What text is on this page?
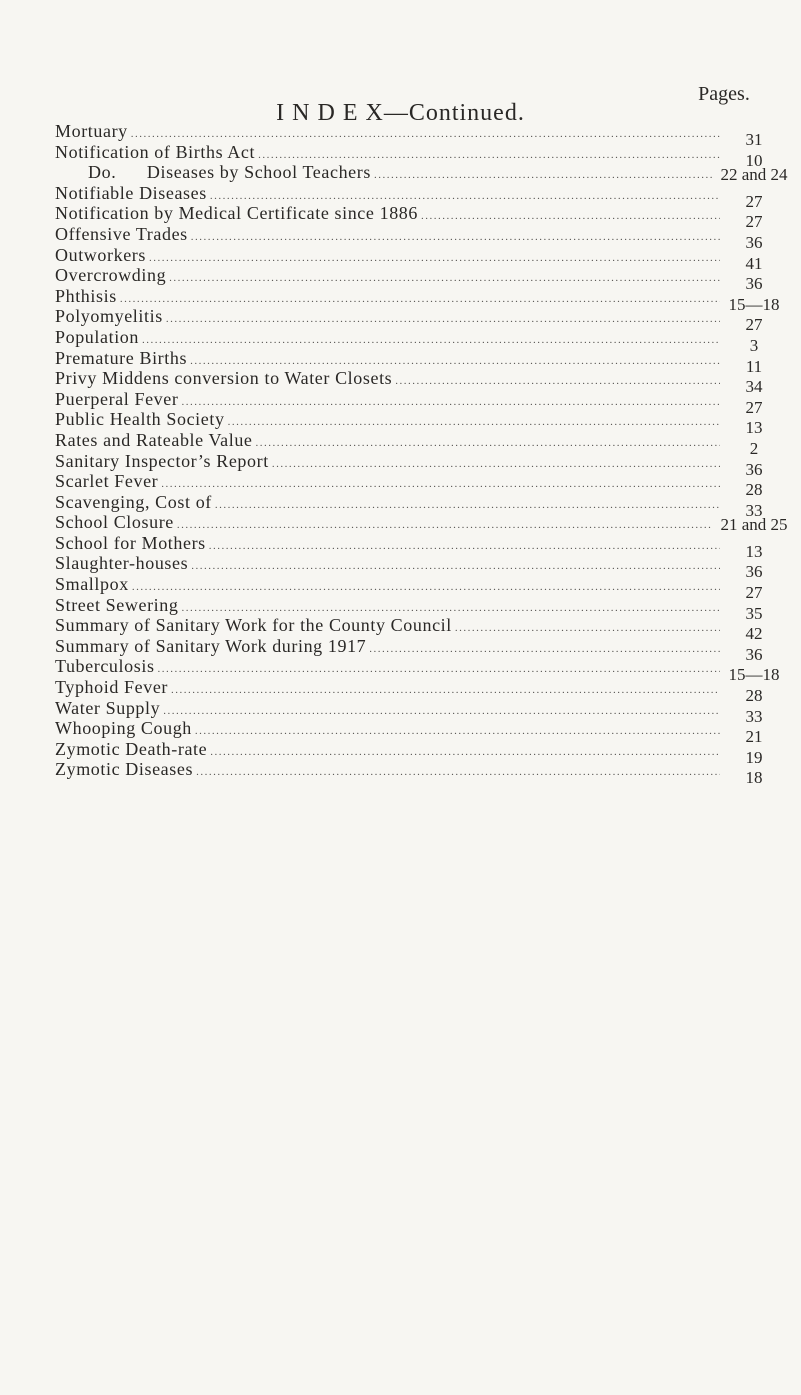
I N D E X—Continued.
Pages.
Mortuary .....	31
Notification of Births Act .....	10
Do.      Diseases by School Teachers .....	22 and 24
Notifiable Diseases .....	27
Notification by Medical Certificate since 1886 .....	27
Offensive Trades .....	36
Outworkers .....	41
Overcrowding .....	36
Phthisis .....	15—18
Polyomyelitis .....	27
Population .....	3
Premature Births .....	11
Privy Middens conversion to Water Closets .....	34
Puerperal Fever .....	27
Public Health Society .....	13
Rates and Rateable Value .....	2
Sanitary Inspector’s Report .....	36
Scarlet Fever .....	28
Scavenging, Cost of .....	33
School Closure .....	21 and 25
School for Mothers .....	13
Slaughter-houses .....	36
Smallpox .....	27
Street Sewering .....	35
Summary of Sanitary Work for the County Council .....	42
Summary of Sanitary Work during 1917 .....	36
Tuberculosis .....	15—18
Typhoid Fever .....	28
Water Supply .....	33
Whooping Cough .....	21
Zymotic Death-rate .....	19
Zymotic Diseases .....	18
